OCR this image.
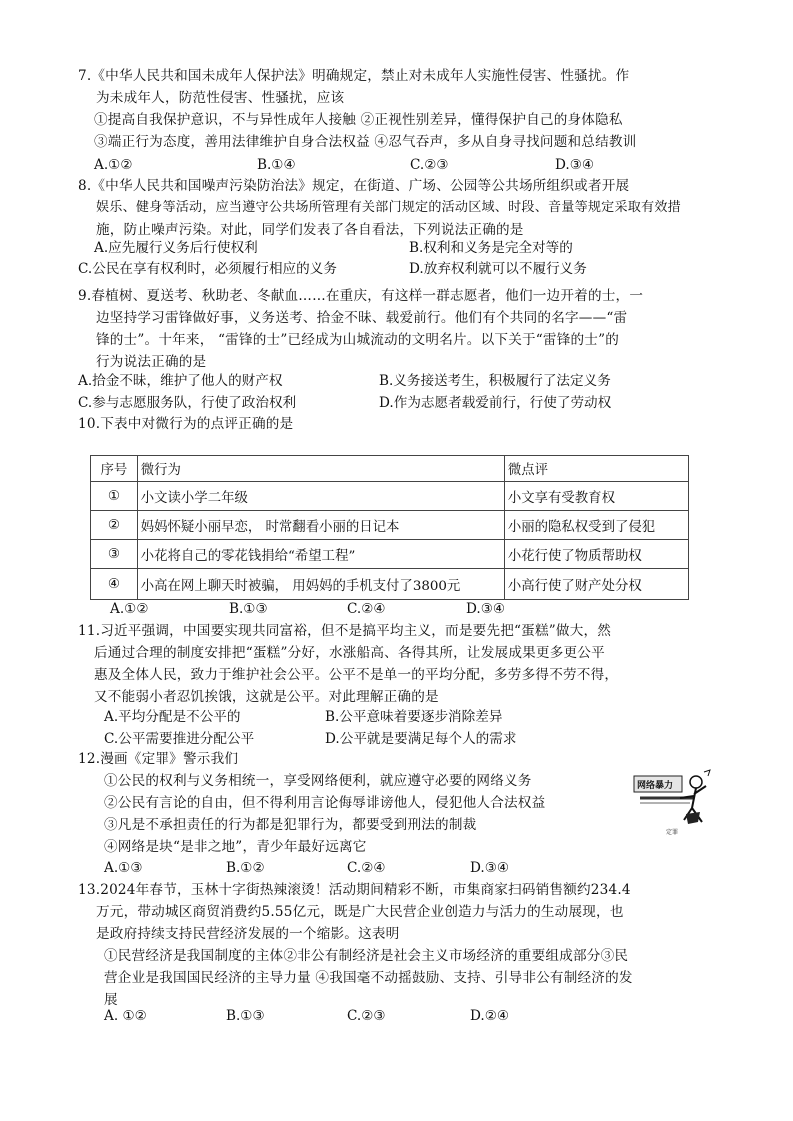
7.《中华人民共和国未成年人保护法》明确规定，禁止对未成年人实施性侵害、性骚扰。作
为未成年人，防范性侵害、性骚扰，应该
①提高自我保护意识，不与异性成年人接触 ②正视性别差异，懂得保护自己的身体隐私
③端正行为态度，善用法律维护自身合法权益 ④忍气吞声，多从自身寻找问题和总结教训
A.①②	B.①④	C.②③	D.③④
8.《中华人民共和国噪声污染防治法》规定，在街道、广场、公园等公共场所组织或者开展
娱乐、健身等活动，应当遵守公共场所管理有关部门规定的活动区域、时段、音量等规定采取有效措
施，防止噪声污染。对此，同学们发表了各自看法，下列说法正确的是
A.应先履行义务后行使权利	B.权利和义务是完全对等的
C.公民在享有权利时，必须履行相应的义务	D.放弃权利就可以不履行义务
9.春植树、夏送考、秋助老、冬献血……在重庆，有这样一群志愿者，他们一边开着的士，一
边坚持学习雷锋做好事，义务送考、拾金不昧、载爱前行。他们有个共同的名字——“雷
锋的士”。十年来， “雷锋的士”已经成为山城流动的文明名片。以下关于“雷锋的士”的
行为说法正确的是
A.拾金不昧，维护了他人的财产权	B.义务接送考生，积极履行了法定义务
C.参与志愿服务队，行使了政治权利	D.作为志愿者载爱前行，行使了劳动权
10.下表中对微行为的点评正确的是
序号	微行为	微点评
①	小文读小学二年级	小文享有受教育权
②	妈妈怀疑小丽早恋， 时常翻看小丽的日记本	小丽的隐私权受到了侵犯
③	小花将自己的零花钱捐给“希望工程”	小花行使了物质帮助权
④	小高在网上聊天时被骗， 用妈妈的手机支付了3800元	小高行使了财产处分权
A.①②	B.①③	C.②④	D.③④
11.习近平强调，中国要实现共同富裕，但不是搞平均主义，而是要先把“蛋糕”做大，然
后通过合理的制度安排把“蛋糕”分好，水涨船高、各得其所，让发展成果更多更公平
惠及全体人民，致力于维护社会公平。公平不是单一的平均分配，多劳多得不劳不得，
又不能弱小者忍饥挨饿，这就是公平。对此理解正确的是
A.平均分配是不公平的	B.公平意味着要逐步消除差异
C.公平需要推进分配公平	D.公平就是要满足每个人的需求
12.漫画《定罪》警示我们
①公民的权利与义务相统一，享受网络便利，就应遵守必要的网络义务
②公民有言论的自由，但不得利用言论侮辱诽谤他人，侵犯他人合法权益
③凡是不承担责任的行为都是犯罪行为，都要受到刑法的制裁
④网络是块“是非之地”，青少年最好远离它
A.①③	B.①②	C.②④	D.③④
网络暴力
定罪
13.2024年春节，玉林十字街热辣滚烫！活动期间精彩不断，市集商家扫码销售额约234.4
万元，带动城区商贸消费约5.55亿元，既是广大民营企业创造力与活力的生动展现，也
是政府持续支持民营经济发展的一个缩影。这表明
①民营经济是我国制度的主体②非公有制经济是社会主义市场经济的重要组成部分③民
营企业是我国国民经济的主导力量 ④我国毫不动摇鼓励、支持、引导非公有制经济的发
展
A. ①②	B.①③	C.②③	D.②④
